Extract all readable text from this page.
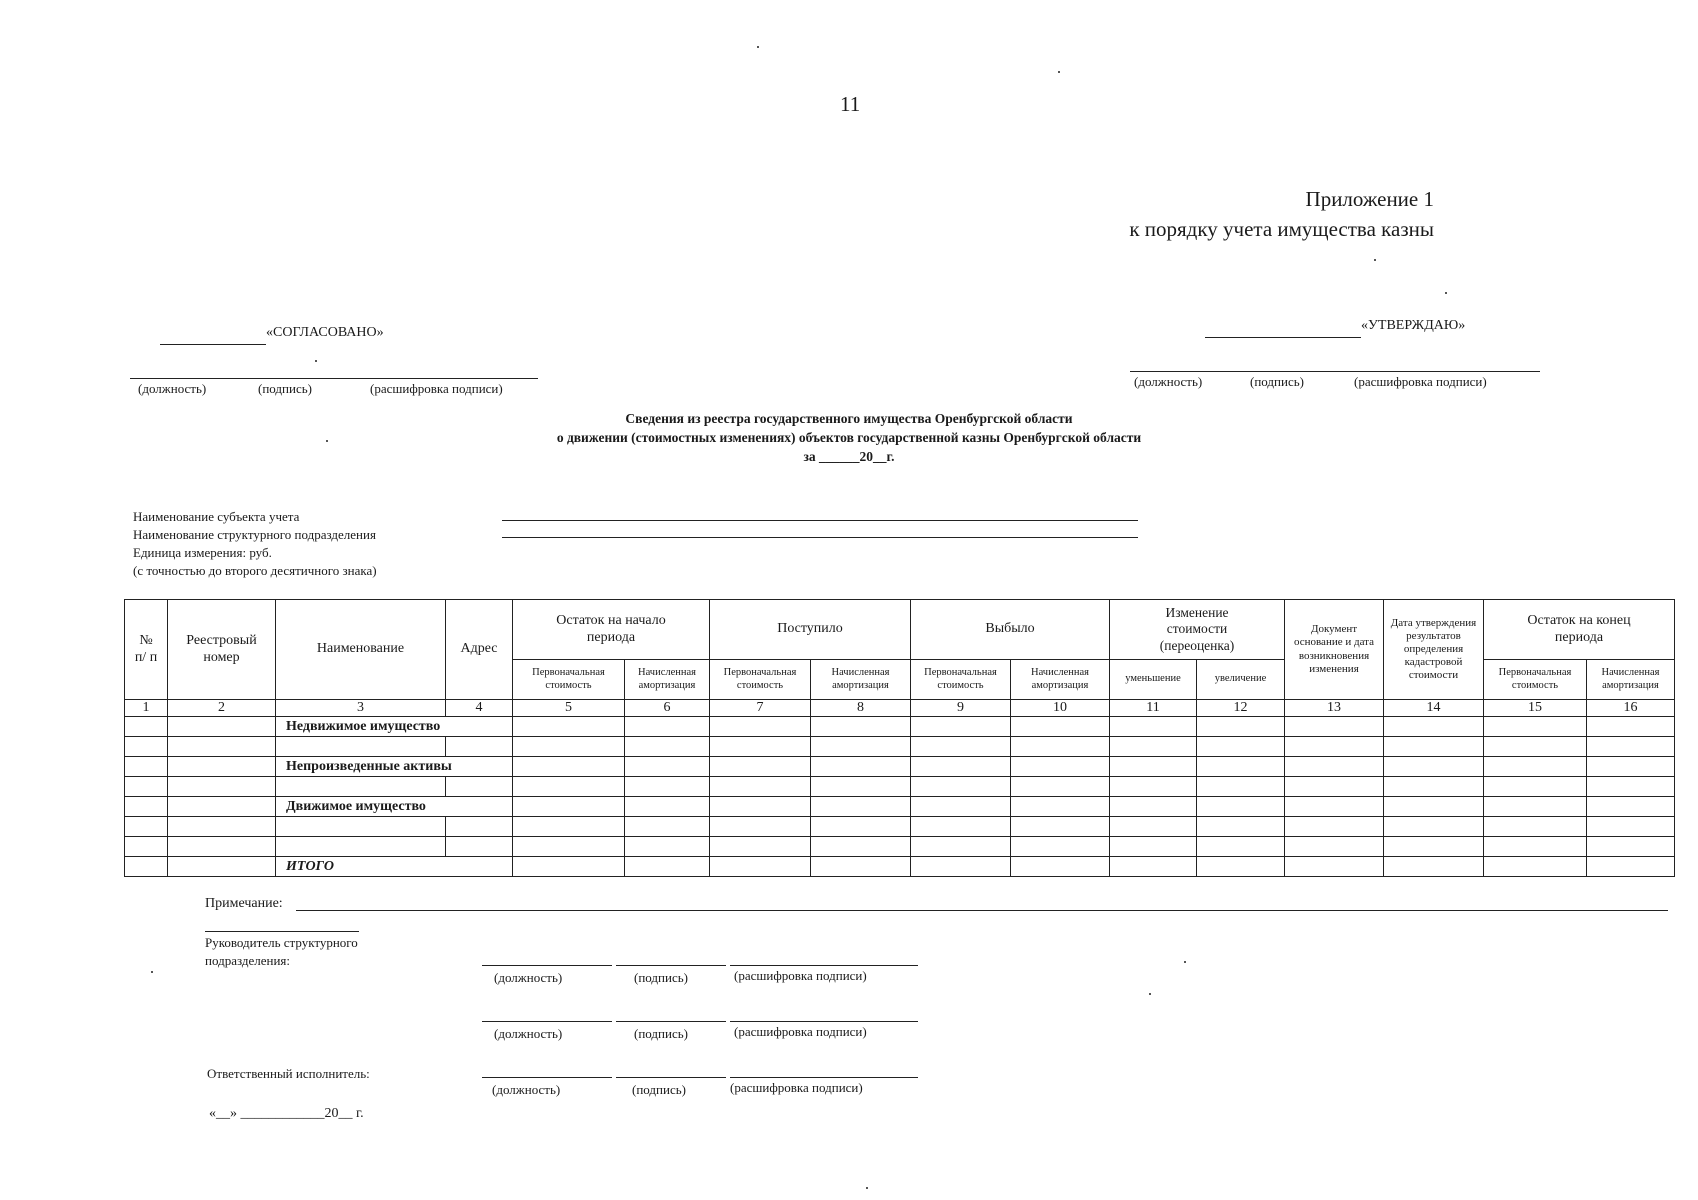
11
Приложение 1
к порядку учета имущества казны
«СОГЛАСОВАНО»
(должность)	(подпись)	(расшифровка подписи)
«УТВЕРЖДАЮ»
(должность)	(подпись)	(расшифровка подписи)
Сведения из реестра государственного имущества Оренбургской области
о движении (стоимостных изменениях) объектов государственной казны Оренбургской области
за ______20__г.
Наименование субъекта учета
Наименование структурного подразделения
Единица измерения: руб.
(с точностью до второго десятичного знака)
№ п/ п	Реестровый номер	Наименование	Адрес	Остаток на начало периода		Поступило		Выбыло		Изменение стоимости (переоценка)		Документ основание и дата возникновения изменения	Дата утверждения результатов определения кадастровой стоимости	Остаток на конец периода	
				Первоначальная стоимость	Начисленная амортизация	Первоначальная стоимость	Начисленная амортизация	Первоначальная стоимость	Начисленная амортизация	уменьшение	увеличение			Первоначальная стоимость	Начисленная амортизация
1	2	3	4	5	6	7	8	9	10	11	12	13	14	15	16
		Недвижимое имущество													

		Непроизведенные активы													

		Движимое имущество													

		ИТОГО													
Примечание:
Руководитель структурного
подразделения:
(должность)	(подпись)	(расшифровка подписи)
(должность)	(подпись)	(расшифровка подписи)
Ответственный исполнитель:
(должность)	(подпись)	(расшифровка подписи)
«__» ____________20__ г.
